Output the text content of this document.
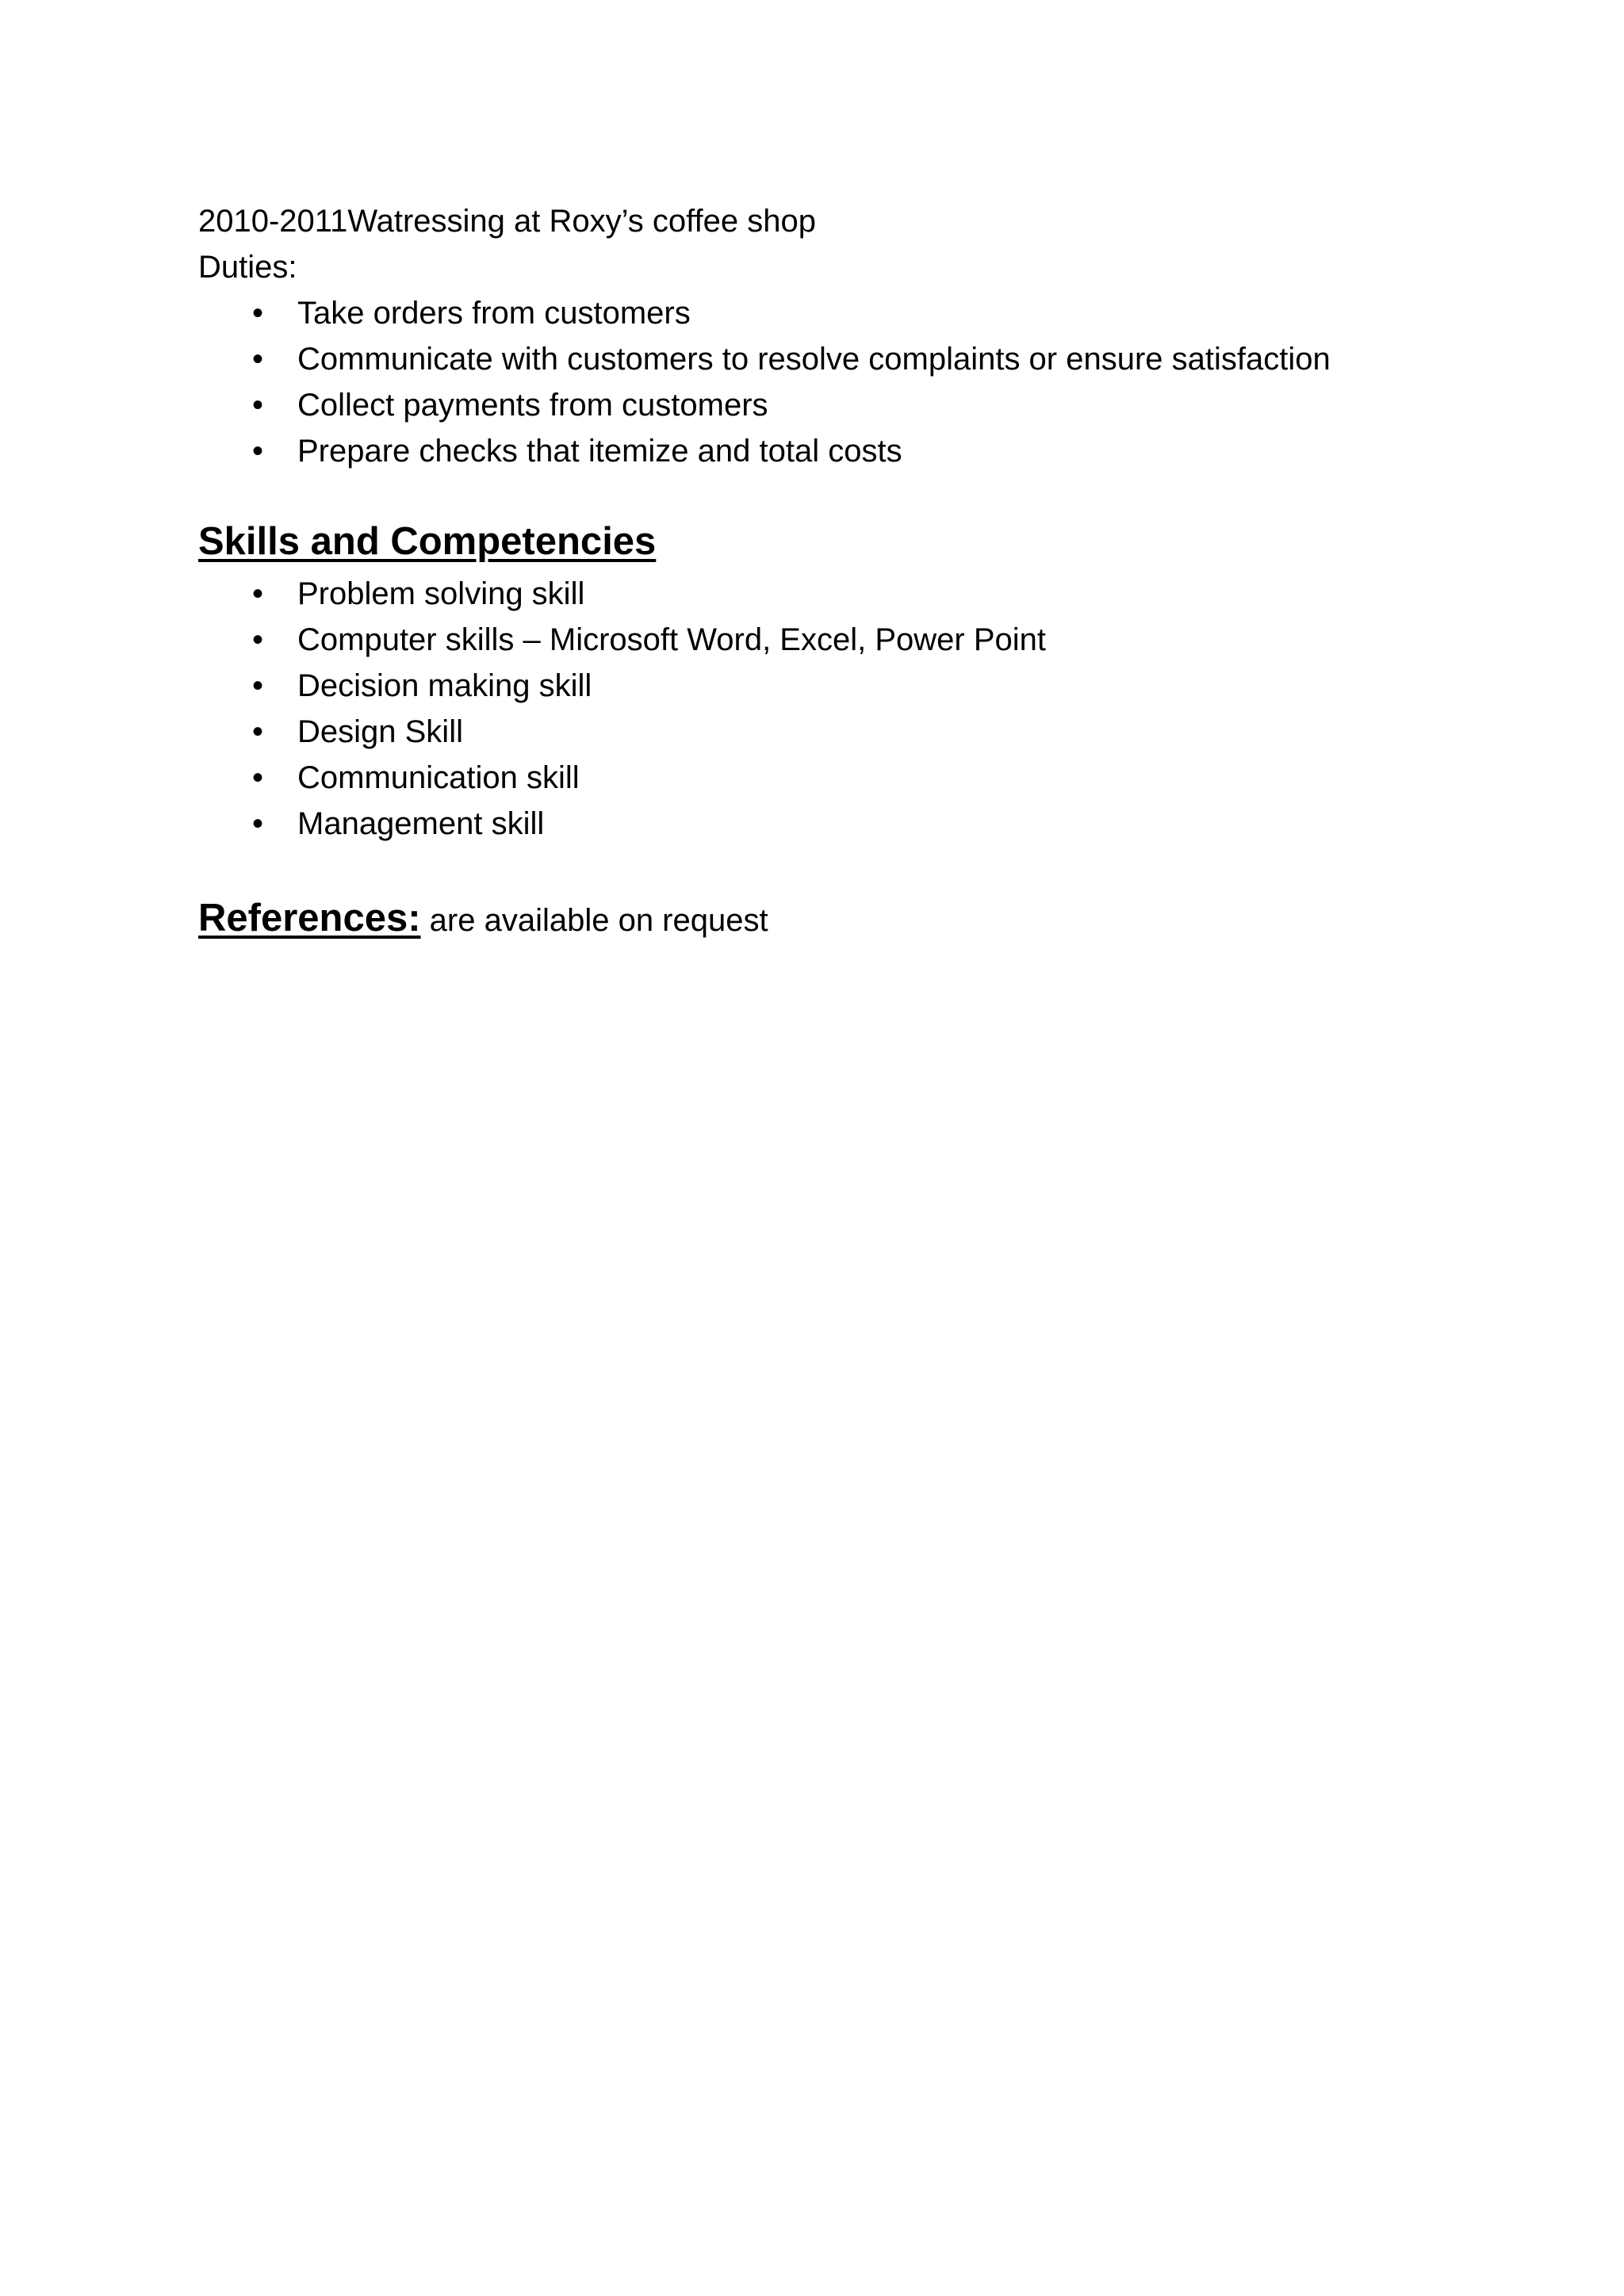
2010-2011Watressing at Roxy’s coffee shop
Duties:
• Take orders from customers
• Communicate with customers to resolve complaints or ensure satisfaction
• Collect payments from customers
• Prepare checks that itemize and total costs
Skills and Competencies
• Problem solving skill
• Computer skills – Microsoft Word, Excel, Power Point
• Decision making skill
• Design Skill
• Communication skill
• Management skill
References: are available on request
